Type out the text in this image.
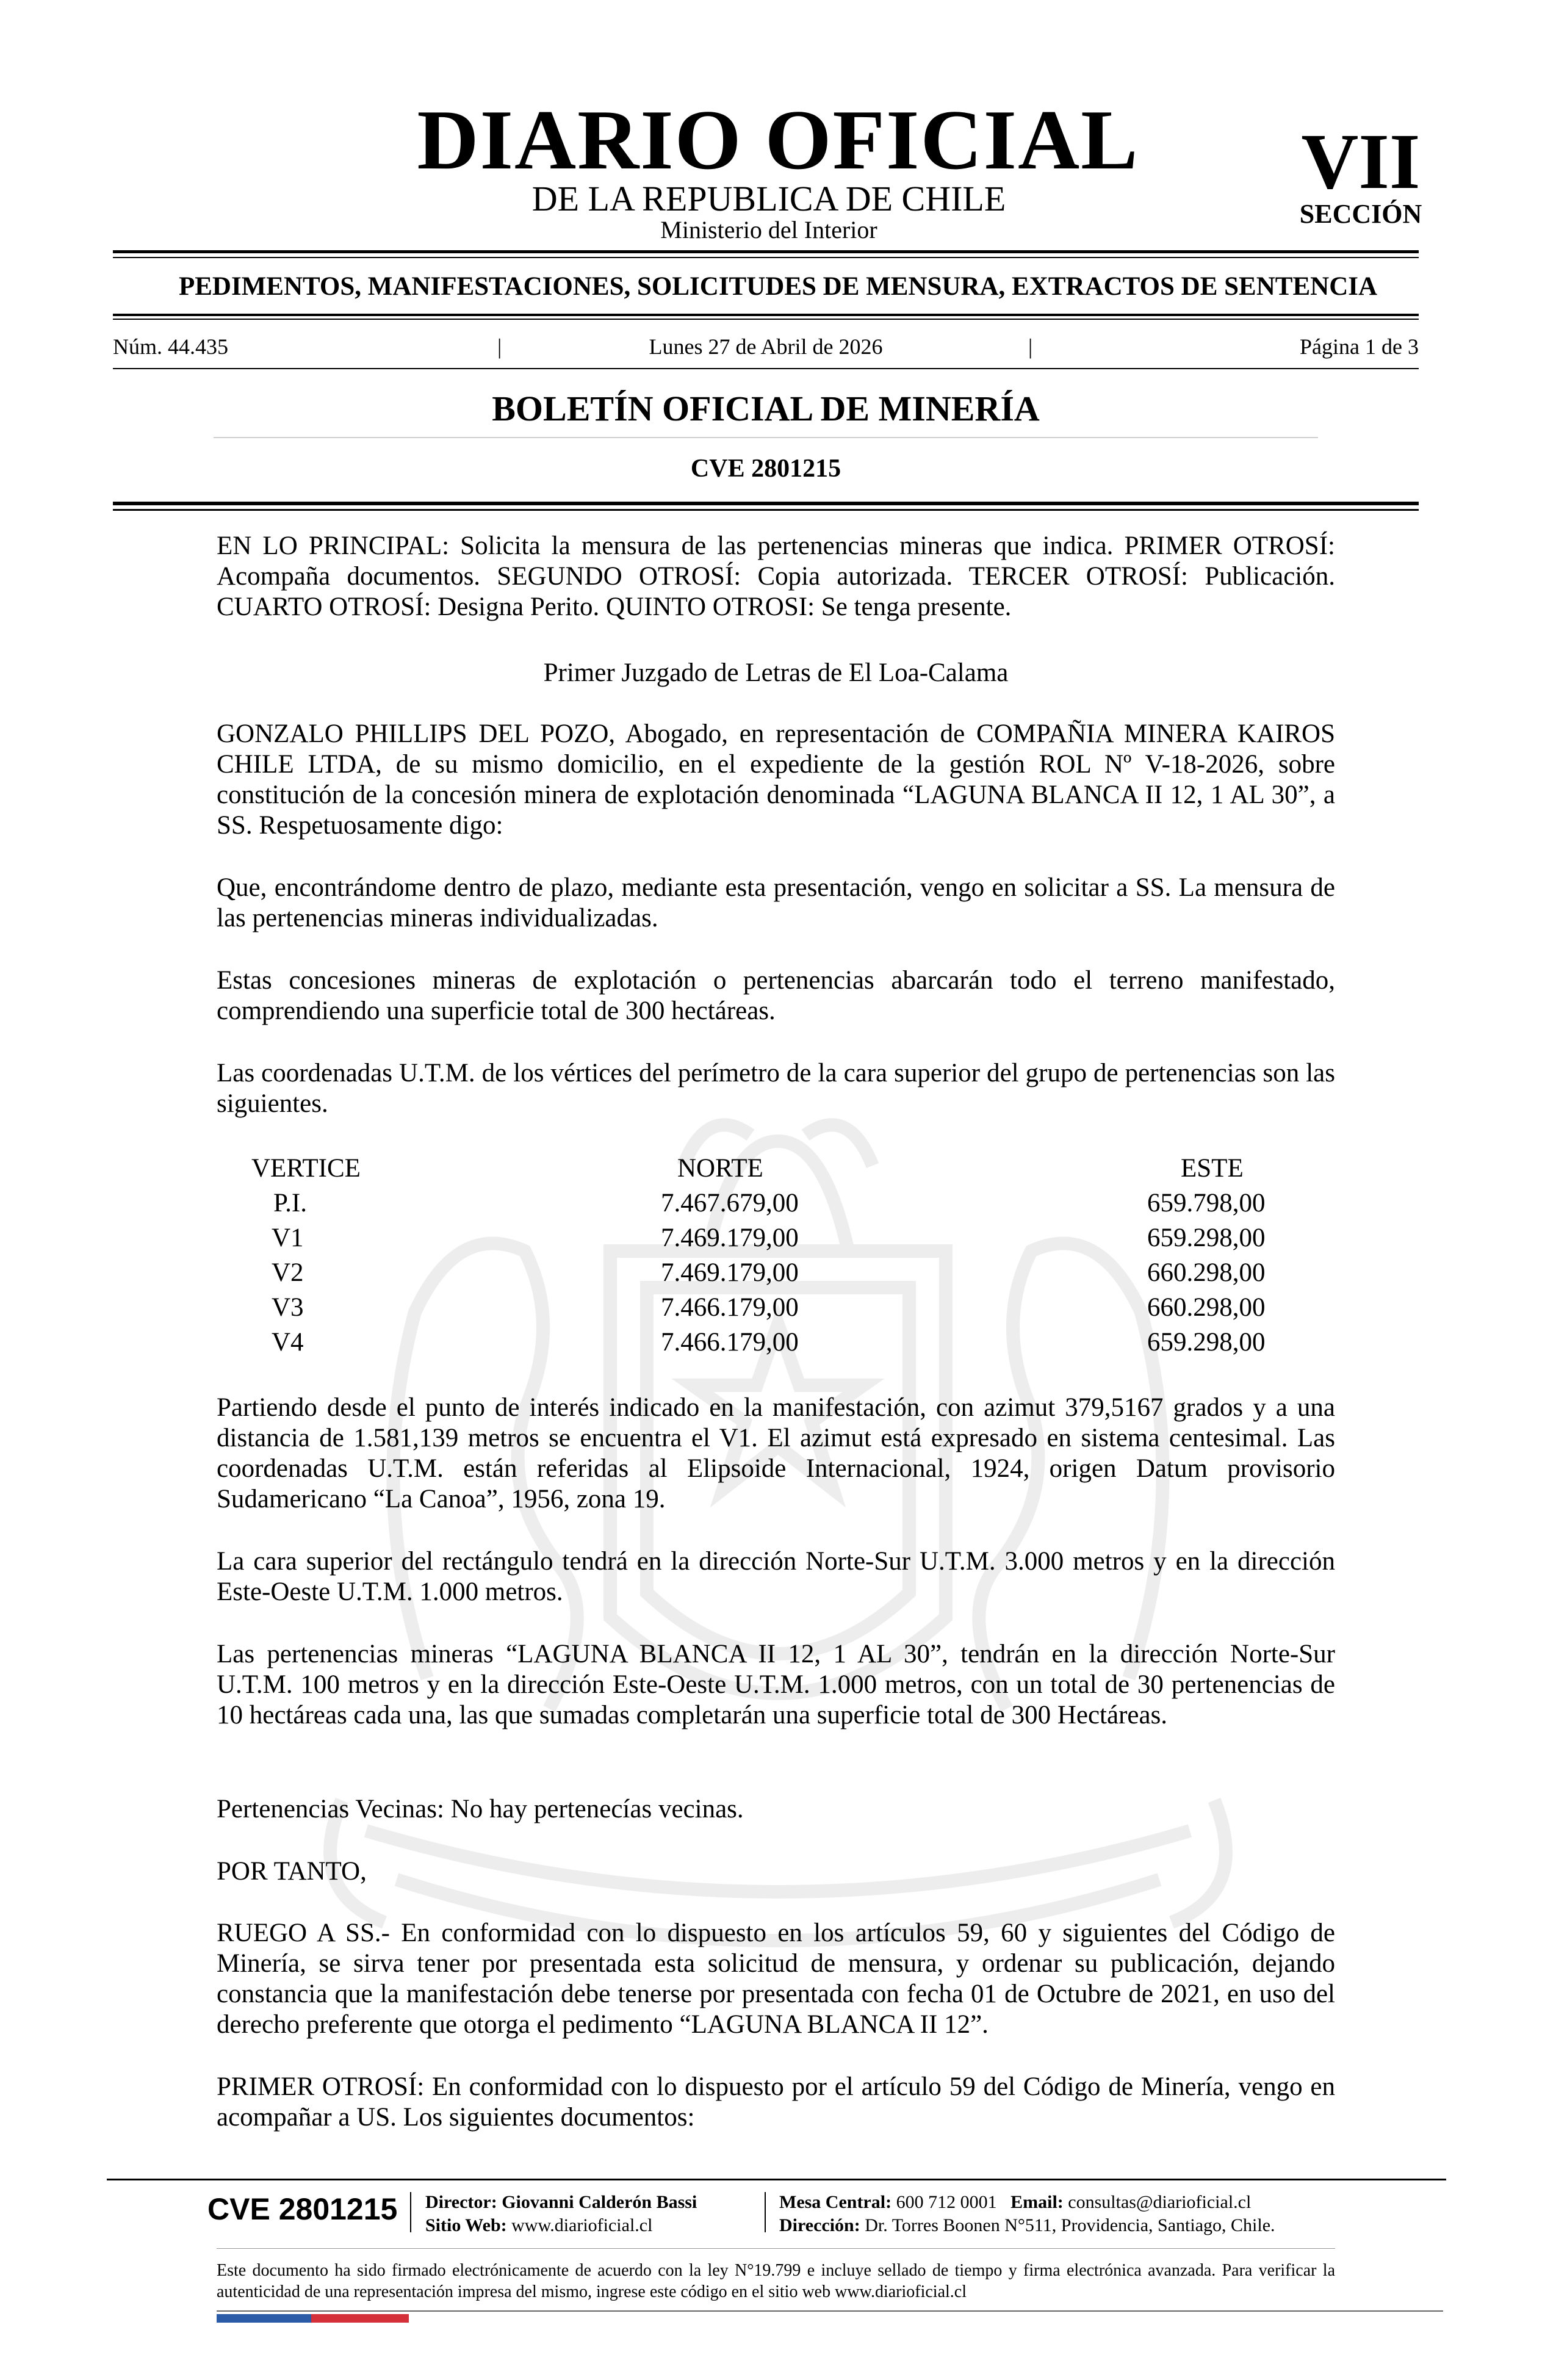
DIARIO OFICIAL
DE LA REPUBLICA DE CHILE
Ministerio del Interior
VII
SECCIÓN
PEDIMENTOS, MANIFESTACIONES, SOLICITUDES DE MENSURA, EXTRACTOS DE SENTENCIA
Núm. 44.435	|	Lunes 27 de Abril de 2026	|	Página 1 de 3
BOLETÍN OFICIAL DE MINERÍA
CVE 2801215
EN LO PRINCIPAL: Solicita la mensura de las pertenencias mineras que indica. PRIMER OTROSÍ: Acompaña documentos. SEGUNDO OTROSÍ: Copia autorizada. TERCER OTROSÍ: Publicación. CUARTO OTROSÍ: Designa Perito. QUINTO OTROSI: Se tenga presente.
Primer Juzgado de Letras de El Loa-Calama
GONZALO PHILLIPS DEL POZO, Abogado, en representación de COMPAÑIA MINERA KAIROS CHILE LTDA, de su mismo domicilio, en el expediente de la gestión ROL Nº V-18-2026, sobre constitución de la concesión minera de explotación denominada “LAGUNA BLANCA II 12, 1 AL 30”, a SS. Respetuosamente digo:
Que, encontrándome dentro de plazo, mediante esta presentación, vengo en solicitar a SS. La mensura de las pertenencias mineras individualizadas.
Estas concesiones mineras de explotación o pertenencias abarcarán todo el terreno manifestado, comprendiendo una superficie total de 300 hectáreas.
Las coordenadas U.T.M. de los vértices del perímetro de la cara superior del grupo de pertenencias son las siguientes.
VERTICE	NORTE	ESTE
P.I.	7.467.679,00	659.798,00
V1	7.469.179,00	659.298,00
V2	7.469.179,00	660.298,00
V3	7.466.179,00	660.298,00
V4	7.466.179,00	659.298,00
Partiendo desde el punto de interés indicado en la manifestación, con azimut 379,5167 grados y a una distancia de 1.581,139 metros se encuentra el V1. El azimut está expresado en sistema centesimal. Las coordenadas U.T.M. están referidas al Elipsoide Internacional, 1924, origen Datum provisorio Sudamericano “La Canoa”, 1956, zona 19.
La cara superior del rectángulo tendrá en la dirección Norte-Sur U.T.M. 3.000 metros y en la dirección Este-Oeste U.T.M. 1.000 metros.
Las pertenencias mineras “LAGUNA BLANCA II 12, 1 AL 30”, tendrán en la dirección Norte-Sur U.T.M. 100 metros y en la dirección Este-Oeste U.T.M. 1.000 metros, con un total de 30 pertenencias de 10 hectáreas cada una, las que sumadas completarán una superficie total de 300 Hectáreas.
Pertenencias Vecinas: No hay pertenecías vecinas.
POR TANTO,
RUEGO A SS.- En conformidad con lo dispuesto en los artículos 59, 60 y siguientes del Código de Minería, se sirva tener por presentada esta solicitud de mensura, y ordenar su publicación, dejando constancia que la manifestación debe tenerse por presentada con fecha 01 de Octubre de 2021, en uso del derecho preferente que otorga el pedimento “LAGUNA BLANCA II 12”.
PRIMER OTROSÍ: En conformidad con lo dispuesto por el artículo 59 del Código de Minería, vengo en acompañar a US. Los siguientes documentos:
CVE 2801215 Director: Giovanni Calderón Bassi
Sitio Web: www.diarioficial.cl
Mesa Central: 600 712 0001 Email: consultas@diarioficial.cl
Dirección: Dr. Torres Boonen N°511, Providencia, Santiago, Chile.
Este documento ha sido firmado electrónicamente de acuerdo con la ley N°19.799 e incluye sellado de tiempo y firma electrónica avanzada. Para verificar la autenticidad de una representación impresa del mismo, ingrese este código en el sitio web www.diarioficial.cl
